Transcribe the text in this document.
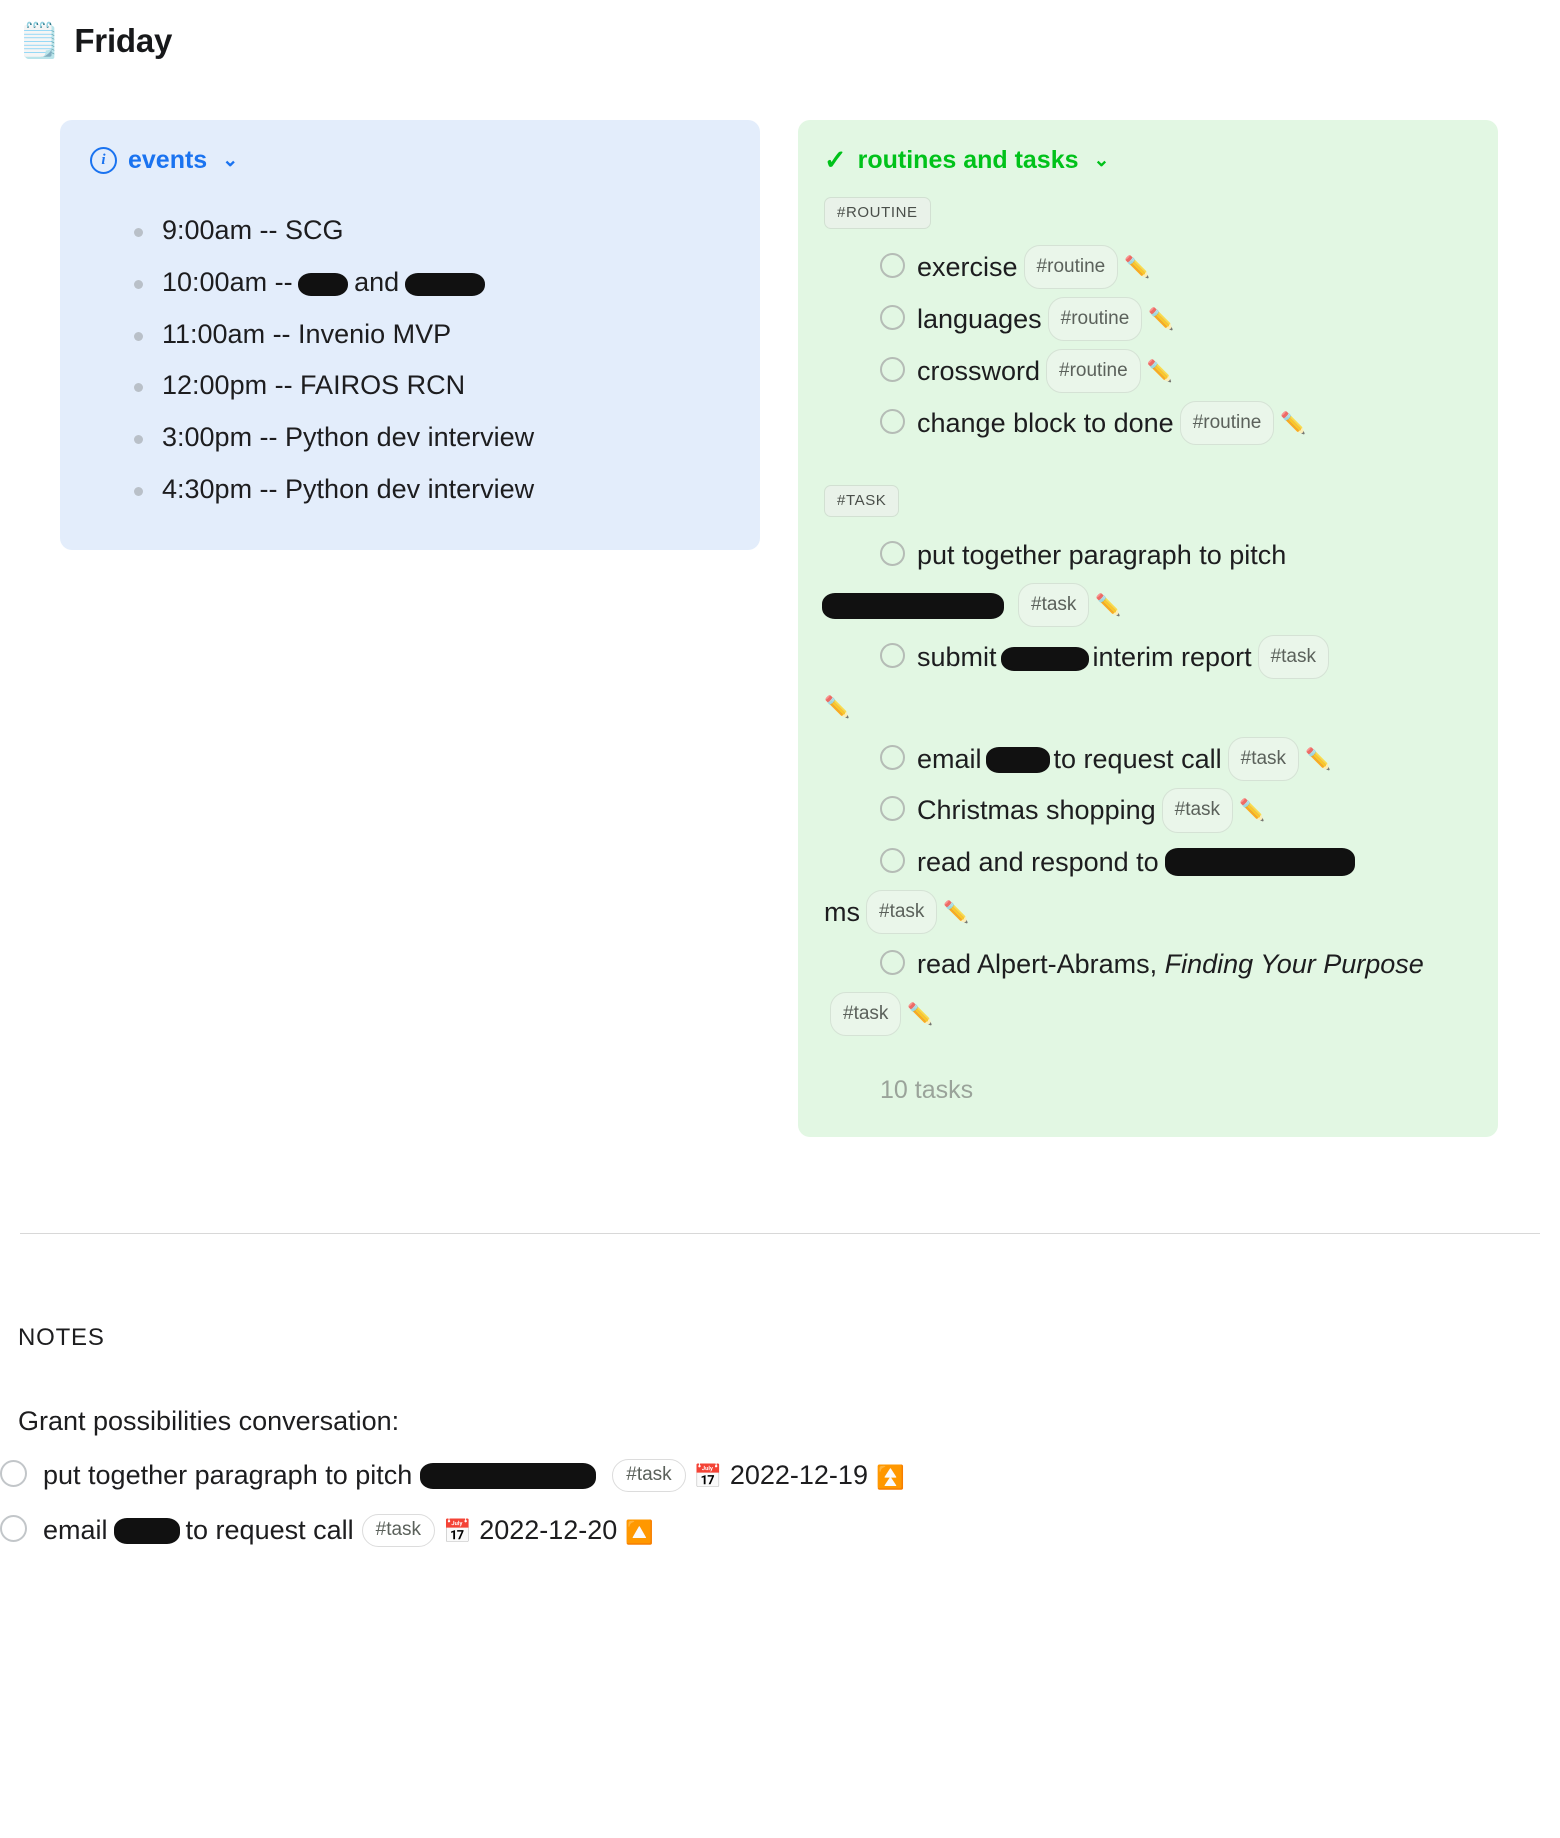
🗒️ Friday
i events ⌄
9:00am -- SCG
10:00am -- and
11:00am -- Invenio MVP
12:00pm -- FAIROS RCN
3:00pm -- Python dev interview
4:30pm -- Python dev interview
✓ routines and tasks ⌄
#ROUTINE
exercise #routine ✏️
languages #routine ✏️
crossword #routine ✏️
change block to done #routine ✏️
#TASK
put together paragraph to pitch
#task ✏️
submit	interim report #task
✏️
email	to request call #task ✏️
Christmas shopping #task ✏️
read and respond to
ms #task ✏️
read Alpert-Abrams, Finding Your Purpose
#task ✏️
10 tasks
NOTES
Grant possibilities conversation:
put together paragraph to pitch	#task 📅 2022-12-19 ⏫
email	to request call #task 📅 2022-12-20 🔼
